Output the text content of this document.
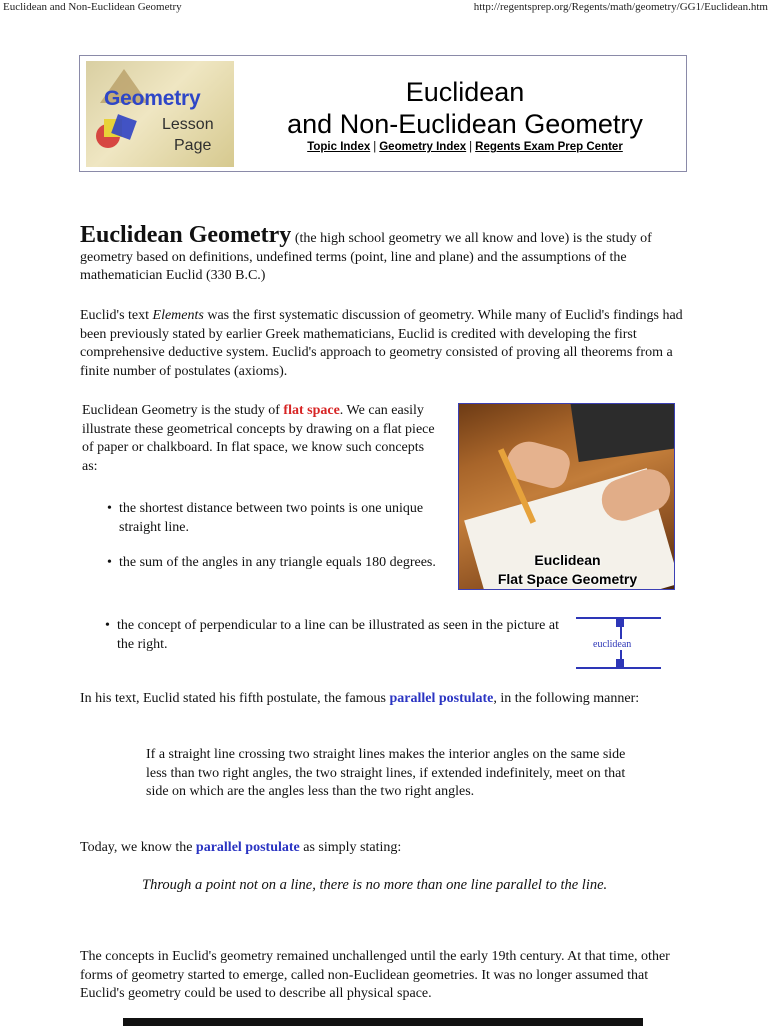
Euclidean and Non-Euclidean Geometry	http://regentsprep.org/Regents/math/geometry/GG1/Euclidean.htm
Geometry
Lesson
Page
Euclidean
and Non-Euclidean Geometry
Topic Index | Geometry Index | Regents Exam Prep Center

Euclidean Geometry (the high school geometry we all know and love) is the study of geometry based on definitions, undefined terms (point, line and plane) and the assumptions of the mathematician Euclid (330 B.C.)

Euclid's text Elements was the first systematic discussion of geometry. While many of Euclid's findings had been previously stated by earlier Greek mathematicians, Euclid is credited with developing the first comprehensive deductive system. Euclid's approach to geometry consisted of proving all theorems from a finite number of postulates (axioms).

Euclidean Geometry is the study of flat space. We can easily illustrate these geometrical concepts by drawing on a flat piece of paper or chalkboard. In flat space, we know such concepts as:
• the shortest distance between two points is one unique straight line.
• the sum of the angles in any triangle equals 180 degrees.
• the concept of perpendicular to a line can be illustrated as seen in the picture at the right.
Euclidean
Flat Space Geometry
euclidean

In his text, Euclid stated his fifth postulate, the famous parallel postulate, in the following manner:

If a straight line crossing two straight lines makes the interior angles on the same side less than two right angles, the two straight lines, if extended indefinitely, meet on that side on which are the angles less than the two right angles.

Today, we know the parallel postulate as simply stating:

Through a point not on a line, there is no more than one line parallel to the line.

The concepts in Euclid's geometry remained unchallenged until the early 19th century. At that time, other forms of geometry started to emerge, called non-Euclidean geometries. It was no longer assumed that Euclid's geometry could be used to describe all physical space.
